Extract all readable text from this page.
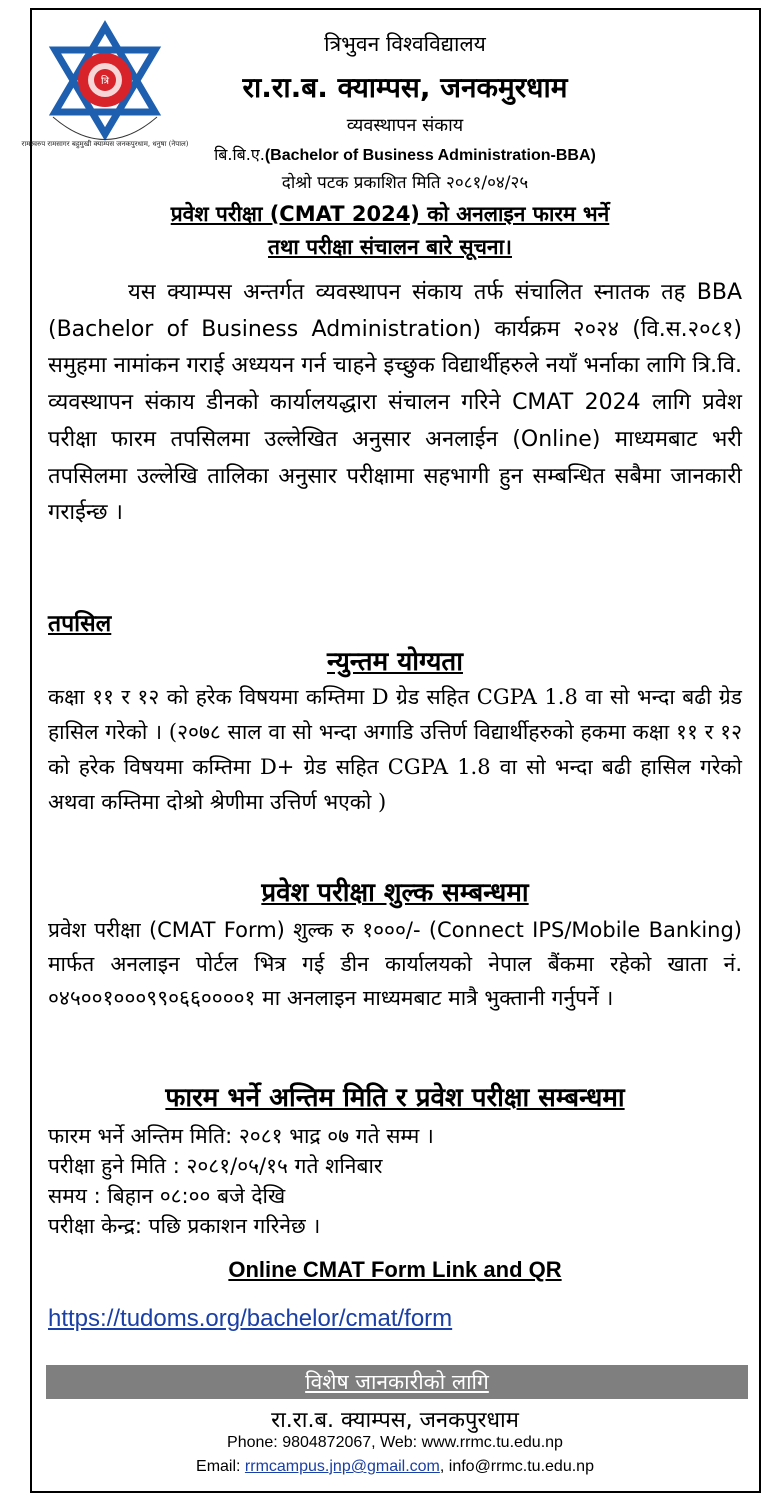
त्रि
रामस्वरुप रामसागर बहुमुखी क्याम्पस जनकपुरधाम, धनुषा (नेपाल)
त्रिभुवन विश्वविद्यालय
रा.रा.ब. क्याम्पस, जनकमुरधाम
व्यवस्थापन संकाय
बि.बि.ए.(Bachelor of Business Administration-BBA)
दोश्रो पटक प्रकाशित मिति २०८१/०४/२५
प्रवेश परीक्षा (CMAT 2024) को अनलाइन फारम भर्ने
तथा परीक्षा संचालन बारे सूचना।
यस क्याम्पस अन्तर्गत व्यवस्थापन संकाय तर्फ संचालित स्नातक तह BBA (Bachelor of Business Administration) कार्यक्रम २०२४ (वि.स.२०८१) समुहमा नामांकन गराई अध्ययन गर्न चाहने इच्छुक विद्यार्थीहरुले नयाँ भर्नाका लागि त्रि.वि. व्यवस्थापन संकाय डीनको कार्यालयद्धारा संचालन गरिने CMAT 2024 लागि प्रवेश परीक्षा फारम तपसिलमा उल्लेखित अनुसार अनलाईन (Online) माध्यमबाट भरी तपसिलमा उल्लेखि तालिका अनुसार परीक्षामा सहभागी हुन सम्बन्धित सबैमा जानकारी गराईन्छ ।
तपसिल
न्युन्तम योग्यता
कक्षा ११ र १२ को हरेक विषयमा कम्तिमा D ग्रेड सहित CGPA 1.8 वा सो भन्दा बढी ग्रेड हासिल गरेको । (२०७८ साल वा सो भन्दा अगाडि उत्तिर्ण विद्यार्थीहरुको हकमा कक्षा ११ र १२ को हरेक विषयमा कम्तिमा D+ ग्रेड सहित CGPA 1.8 वा सो भन्दा बढी हासिल गरेको अथवा कम्तिमा दोश्रो श्रेणीमा उत्तिर्ण भएको )
प्रवेश परीक्षा शुल्क सम्बन्धमा
प्रवेश परीक्षा (CMAT Form) शुल्क रु १०००/- (Connect IPS/Mobile Banking) मार्फत अनलाइन पोर्टल भित्र गई डीन कार्यालयको नेपाल बैंकमा रहेको खाता नं. ०४५००१०००९९०६६००००१ मा अनलाइन माध्यमबाट मात्रै भुक्तानी गर्नुपर्ने ।
फारम भर्ने अन्तिम मिति र प्रवेश परीक्षा सम्बन्धमा
फारम भर्ने अन्तिम मिति: २०८१ भाद्र ०७ गते सम्म ।
परीक्षा हुने मिति : २०८१/०५/१५ गते शनिबार
समय : बिहान ०८:०० बजे देखि
परीक्षा केन्द्र: पछि प्रकाशन गरिनेछ ।
Online CMAT Form Link and QR
https://tudoms.org/bachelor/cmat/form
विशेष जानकारीको लागि
रा.रा.ब. क्याम्पस, जनकपुरधाम
Phone: 9804872067, Web: www.rrmc.tu.edu.np
Email: rrmcampus.jnp@gmail.com, info@rrmc.tu.edu.np
